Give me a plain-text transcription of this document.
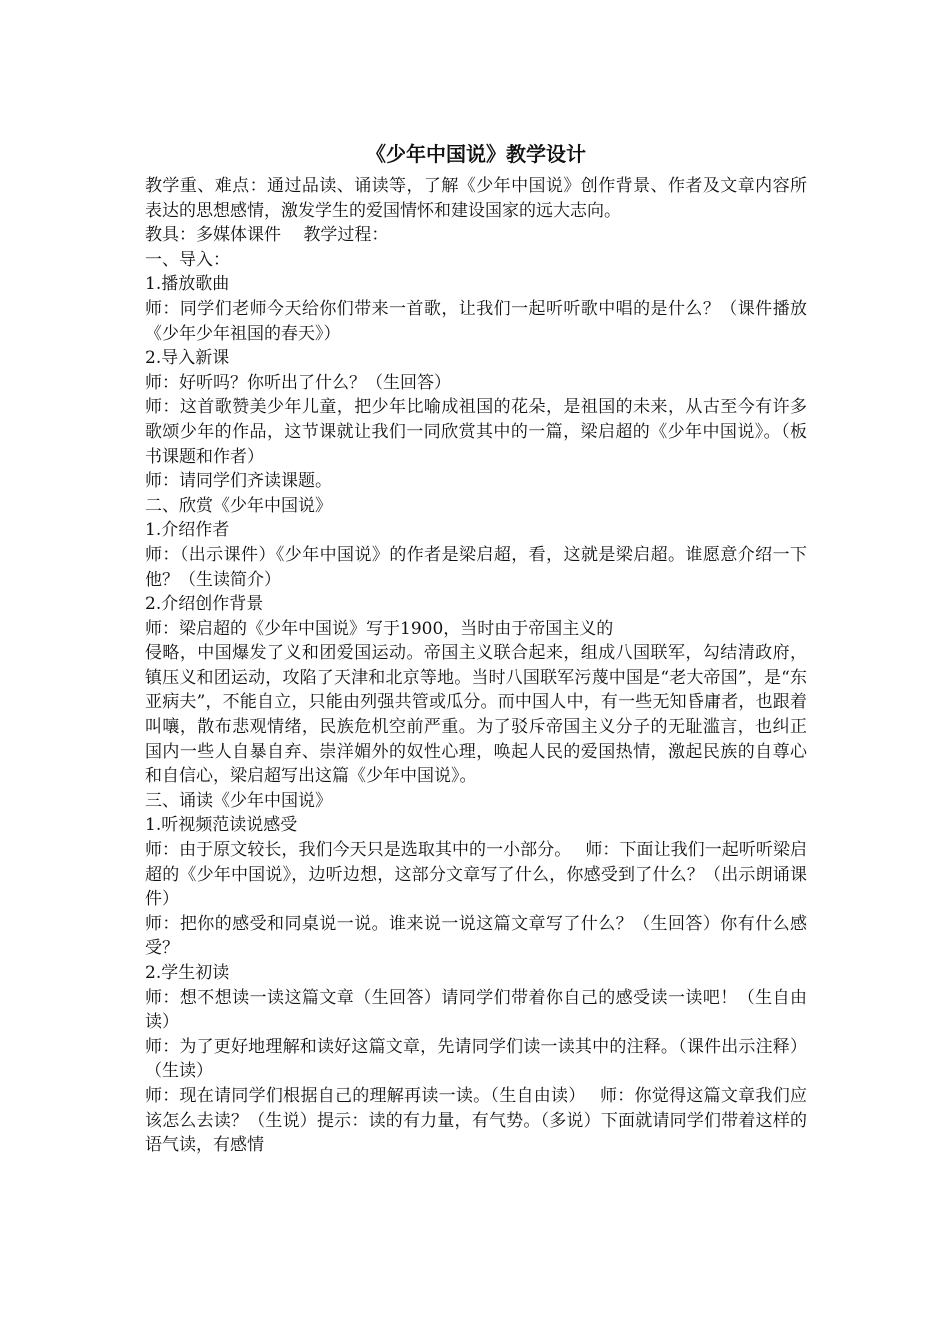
《少年中国说》教学设计

教学重、难点：通过品读、诵读等，了解《少年中国说》创作背景、作者及文章内容所表达的思想感情，激发学生的爱国情怀和建设国家的远大志向。

教具：多媒体课件　 教学过程：

一、导入：

1.播放歌曲

师：同学们老师今天给你们带来一首歌，让我们一起听听歌中唱的是什么？（课件播放《少年少年祖国的春天》）

2.导入新课

师：好听吗？你听出了什么？（生回答）

师：这首歌赞美少年儿童，把少年比喻成祖国的花朵，是祖国的未来，从古至今有许多歌颂少年的作品，这节课就让我们一同欣赏其中的一篇，梁启超的《少年中国说》。（板书课题和作者）

师：请同学们齐读课题。

二、欣赏《少年中国说》

1.介绍作者

师：（出示课件）《少年中国说》的作者是梁启超，看，这就是梁启超。谁愿意介绍一下他？（生读简介）

2.介绍创作背景

师：梁启超的《少年中国说》写于1900，当时由于帝国主义的

侵略，中国爆发了义和团爱国运动。帝国主义联合起来，组成八国联军，勾结清政府，镇压义和团运动，攻陷了天津和北京等地。当时八国联军污蔑中国是“老大帝国”，是“东亚病夫”，不能自立，只能由列强共管或瓜分。而中国人中，有一些无知昏庸者，也跟着叫嚷，散布悲观情绪，民族危机空前严重。为了驳斥帝国主义分子的无耻滥言，也纠正国内一些人自暴自弃、崇洋媚外的奴性心理，唤起人民的爱国热情，激起民族的自尊心和自信心，梁启超写出这篇《少年中国说》。

三、诵读《少年中国说》

1.听视频范读说感受

师：由于原文较长，我们今天只是选取其中的一小部分。　 师：下面让我们一起听听梁启超的《少年中国说》，边听边想，这部分文章写了什么，你感受到了什么？（出示朗诵课件）

师：把你的感受和同桌说一说。谁来说一说这篇文章写了什么？（生回答）你有什么感受？

2.学生初读

师：想不想读一读这篇文章（生回答）请同学们带着你自己的感受读一读吧！（生自由读）

师：为了更好地理解和读好这篇文章，先请同学们读一读其中的注释。（课件出示注释）（生读）

师：现在请同学们根据自己的理解再读一读。（生自由读）　 师：你觉得这篇文章我们应该怎么去读？（生说）提示：读的有力量，有气势。（多说）下面就请同学们带着这样的语气读，有感情
